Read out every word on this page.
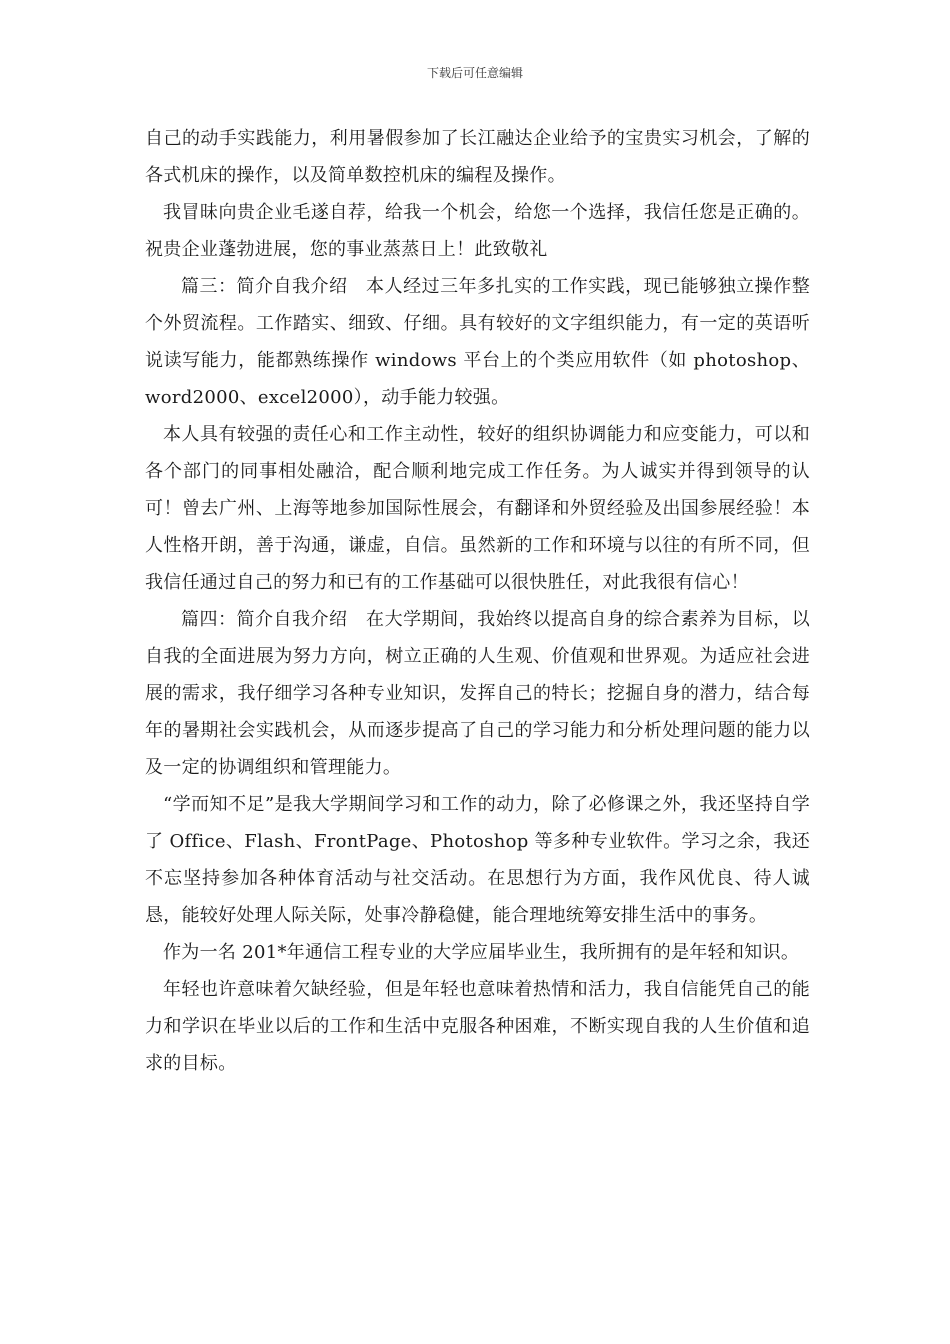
下载后可任意编辑

自己的动手实践能力，利用暑假参加了长江融达企业给予的宝贵实习机会，了解的各式机床的操作，以及简单数控机床的编程及操作。

我冒昧向贵企业毛遂自荐，给我一个机会，给您一个选择，我信任您是正确的。祝贵企业蓬勃进展，您的事业蒸蒸日上！此致敬礼

篇三：简介自我介绍　本人经过三年多扎实的工作实践，现已能够独立操作整个外贸流程。工作踏实、细致、仔细。具有较好的文字组织能力，有一定的英语听说读写能力，能都熟练操作 windows 平台上的个类应用软件（如 photoshop、word2000、excel2000），动手能力较强。

本人具有较强的责任心和工作主动性，较好的组织协调能力和应变能力，可以和各个部门的同事相处融洽，配合顺利地完成工作任务。为人诚实并得到领导的认可！曾去广州、上海等地参加国际性展会，有翻译和外贸经验及出国参展经验！本人性格开朗，善于沟通，谦虚，自信。虽然新的工作和环境与以往的有所不同，但我信任通过自己的努力和已有的工作基础可以很快胜任，对此我很有信心！

篇四：简介自我介绍　在大学期间，我始终以提高自身的综合素养为目标，以自我的全面进展为努力方向，树立正确的人生观、价值观和世界观。为适应社会进展的需求，我仔细学习各种专业知识，发挥自己的特长；挖掘自身的潜力，结合每年的暑期社会实践机会，从而逐步提高了自己的学习能力和分析处理问题的能力以及一定的协调组织和管理能力。

“学而知不足”是我大学期间学习和工作的动力，除了必修课之外，我还坚持自学了 Office、Flash、FrontPage、Photoshop 等多种专业软件。学习之余，我还不忘坚持参加各种体育活动与社交活动。在思想行为方面，我作风优良、待人诚恳，能较好处理人际关际，处事冷静稳健，能合理地统筹安排生活中的事务。

作为一名 201*年通信工程专业的大学应届毕业生，我所拥有的是年轻和知识。

年轻也许意味着欠缺经验，但是年轻也意味着热情和活力，我自信能凭自己的能力和学识在毕业以后的工作和生活中克服各种困难，不断实现自我的人生价值和追求的目标。
